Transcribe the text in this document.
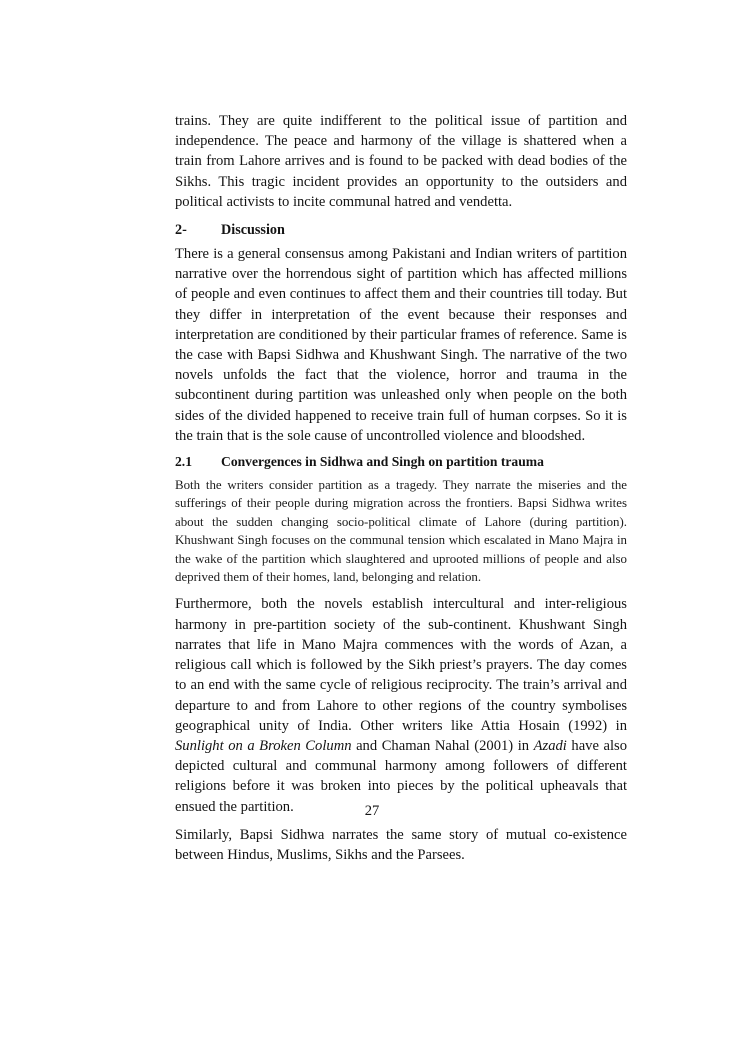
trains. They are quite indifferent to the political issue of partition and independence. The peace and harmony of the village is shattered when a train from Lahore arrives and is found to be packed with dead bodies of the Sikhs. This tragic incident provides an opportunity to the outsiders and political activists to incite communal hatred and vendetta.

2-	Discussion

There is a general consensus among Pakistani and Indian writers of partition narrative over the horrendous sight of partition which has affected millions of people and even continues to affect them and their countries till today. But they differ in interpretation of the event because their responses and interpretation are conditioned by their particular frames of reference. Same is the case with Bapsi Sidhwa and Khushwant Singh. The narrative of the two novels unfolds the fact that the violence, horror and trauma in the subcontinent during partition was unleashed only when people on the both sides of the divided happened to receive train full of human corpses. So it is the train that is the sole cause of uncontrolled violence and bloodshed.

2.1	Convergences in Sidhwa and Singh on partition trauma

Both the writers consider partition as a tragedy. They narrate the miseries and the sufferings of their people during migration across the frontiers. Bapsi Sidhwa writes about the sudden changing socio-political climate of Lahore (during partition). Khushwant Singh focuses on the communal tension which escalated in Mano Majra in the wake of the partition which slaughtered and uprooted millions of people and also deprived them of their homes, land, belonging and relation.

Furthermore, both the novels establish intercultural and inter-religious harmony in pre-partition society of the sub-continent. Khushwant Singh narrates that life in Mano Majra commences with the words of Azan, a religious call which is followed by the Sikh priest’s prayers. The day comes to an end with the same cycle of religious reciprocity. The train’s arrival and departure to and from Lahore to other regions of the country symbolises geographical unity of India. Other writers like Attia Hosain (1992) in Sunlight on a Broken Column and Chaman Nahal (2001) in Azadi have also depicted cultural and communal harmony among followers of different religions before it was broken into pieces by the political upheavals that ensued the partition.

Similarly, Bapsi Sidhwa narrates the same story of mutual co-existence between Hindus, Muslims, Sikhs and the Parsees.

27
